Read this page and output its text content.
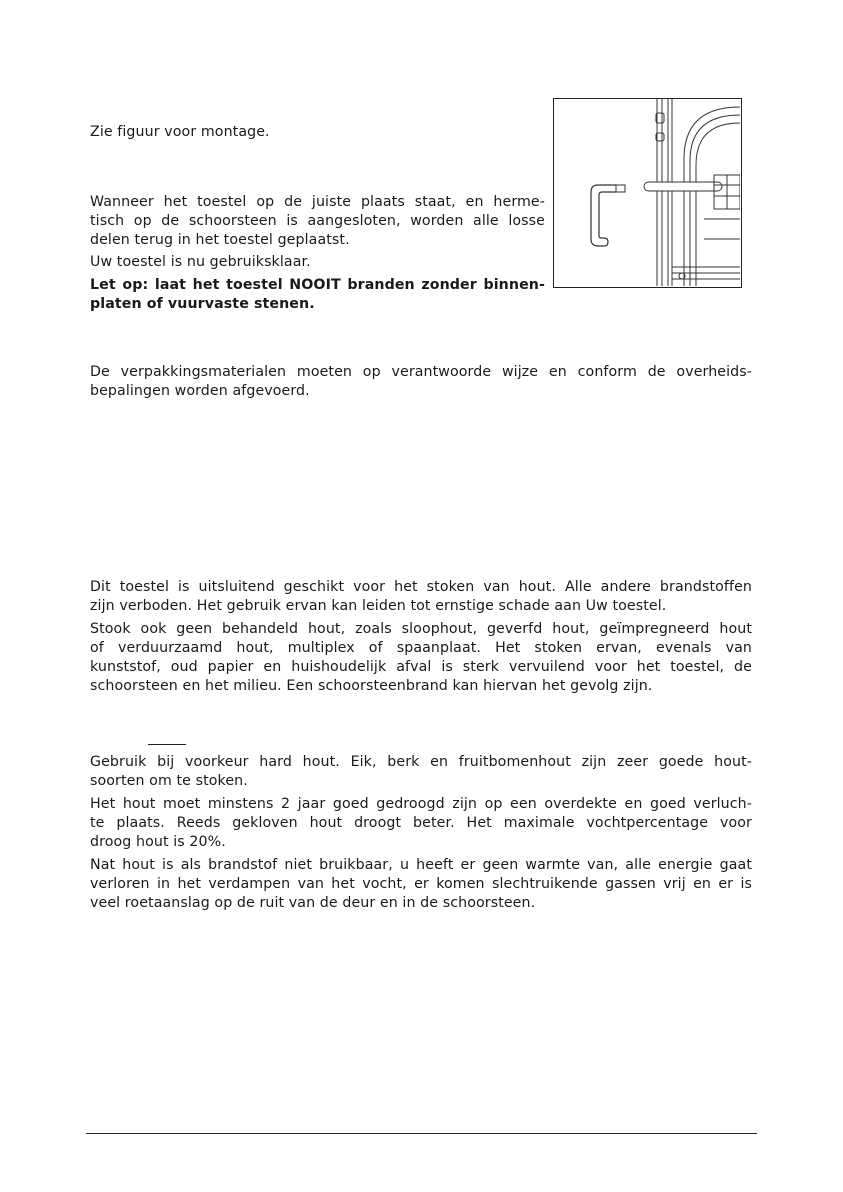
Zie figuur voor montage.

Wanneer het toestel op de juiste plaats staat, en herme-

tisch op de schoorsteen is aangesloten, worden alle losse

delen terug in het toestel geplaatst.

Uw toestel is nu gebruiksklaar.

Let op: laat het toestel NOOIT branden zonder binnen-

platen of vuurvaste stenen.

De verpakkingsmaterialen moeten op verantwoorde wijze en conform de overheids-

bepalingen worden afgevoerd.

Dit toestel is uitsluitend geschikt voor het stoken van hout. Alle andere brandstoffen

zijn verboden. Het gebruik ervan kan leiden tot ernstige schade aan Uw toestel.

Stook ook geen behandeld hout, zoals sloophout, geverfd hout, geïmpregneerd hout

of verduurzaamd hout, multiplex of spaanplaat. Het stoken ervan, evenals van

kunststof, oud papier en huishoudelijk afval is sterk vervuilend voor het toestel, de

schoorsteen en het milieu. Een schoorsteenbrand kan hiervan het gevolg zijn.

Gebruik bij voorkeur hard hout. Eik, berk en fruitbomenhout zijn zeer goede hout-

soorten om te stoken.

Het hout moet minstens 2 jaar goed gedroogd zijn op een overdekte en goed verluch-

te plaats. Reeds gekloven hout droogt beter. Het maximale vochtpercentage voor

droog hout is 20%.

Nat hout is als brandstof niet bruikbaar, u heeft er geen warmte van, alle energie gaat

verloren in het verdampen van het vocht, er komen slechtruikende gassen vrij en er is

veel roetaanslag op de ruit van de deur en in de schoorsteen.
